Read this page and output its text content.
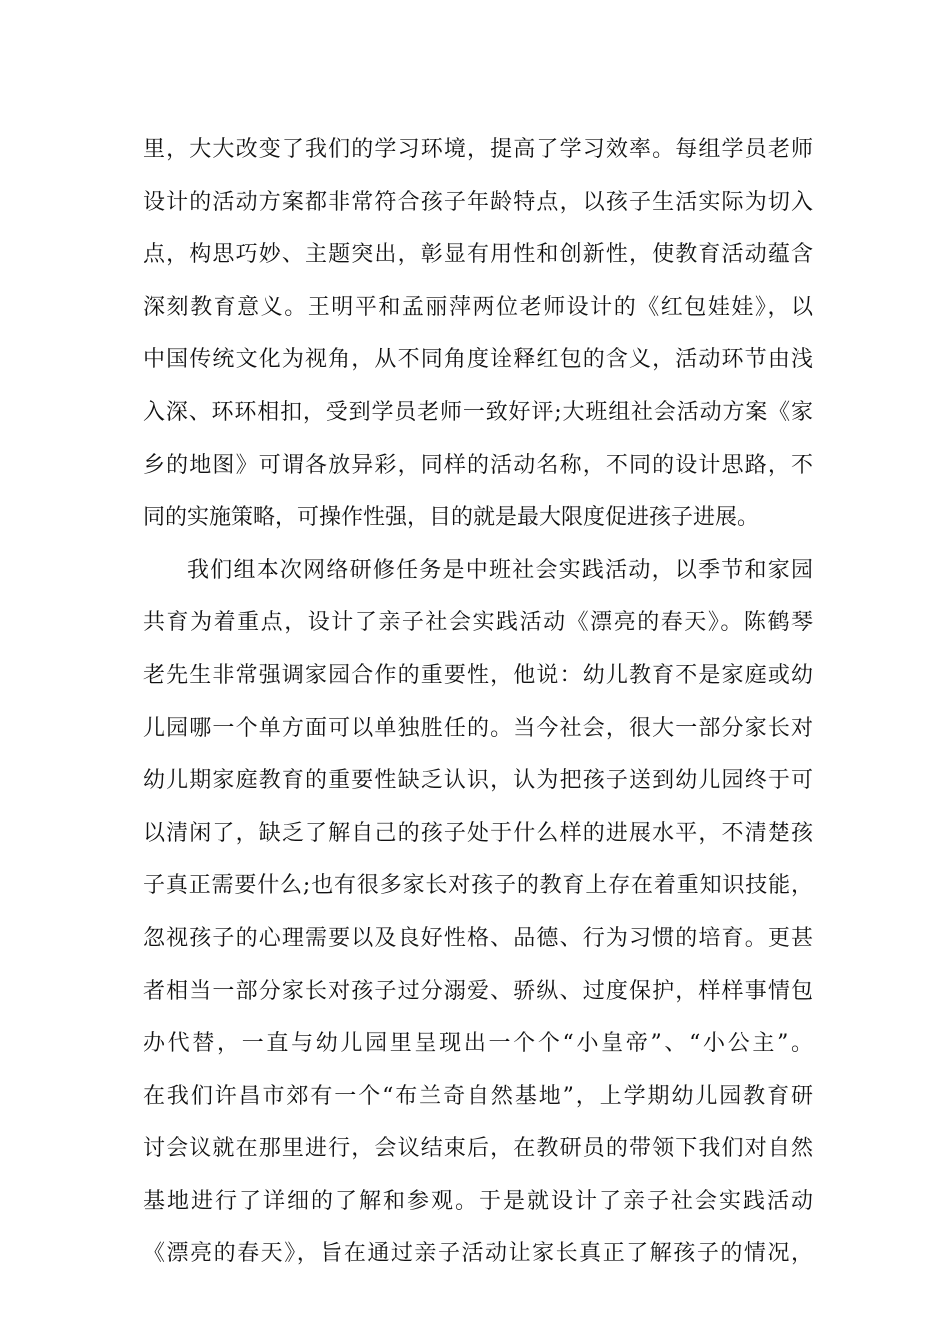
里，大大改变了我们的学习环境，提高了学习效率。每组学员老师
设计的活动方案都非常符合孩子年龄特点，以孩子生活实际为切入
点，构思巧妙、主题突出，彰显有用性和创新性，使教育活动蕴含
深刻教育意义。王明平和孟丽萍两位老师设计的《红包娃娃》，以
中国传统文化为视角，从不同角度诠释红包的含义，活动环节由浅
入深、环环相扣，受到学员老师一致好评;大班组社会活动方案《家
乡的地图》可谓各放异彩，同样的活动名称，不同的设计思路，不
同的实施策略，可操作性强，目的就是最大限度促进孩子进展。
我们组本次网络研修任务是中班社会实践活动，以季节和家园
共育为着重点，设计了亲子社会实践活动《漂亮的春天》。陈鹤琴
老先生非常强调家园合作的重要性，他说：幼儿教育不是家庭或幼
儿园哪一个单方面可以单独胜任的。当今社会，很大一部分家长对
幼儿期家庭教育的重要性缺乏认识，认为把孩子送到幼儿园终于可
以清闲了，缺乏了解自己的孩子处于什么样的进展水平，不清楚孩
子真正需要什么;也有很多家长对孩子的教育上存在着重知识技能，
忽视孩子的心理需要以及良好性格、品德、行为习惯的培育。更甚
者相当一部分家长对孩子过分溺爱、骄纵、过度保护，样样事情包
办代替，一直与幼儿园里呈现出一个个“小皇帝”、“小公主”。
在我们许昌市郊有一个“布兰奇自然基地”，上学期幼儿园教育研
讨会议就在那里进行，会议结束后，在教研员的带领下我们对自然
基地进行了详细的了解和参观。于是就设计了亲子社会实践活动
《漂亮的春天》，旨在通过亲子活动让家长真正了解孩子的情况，
